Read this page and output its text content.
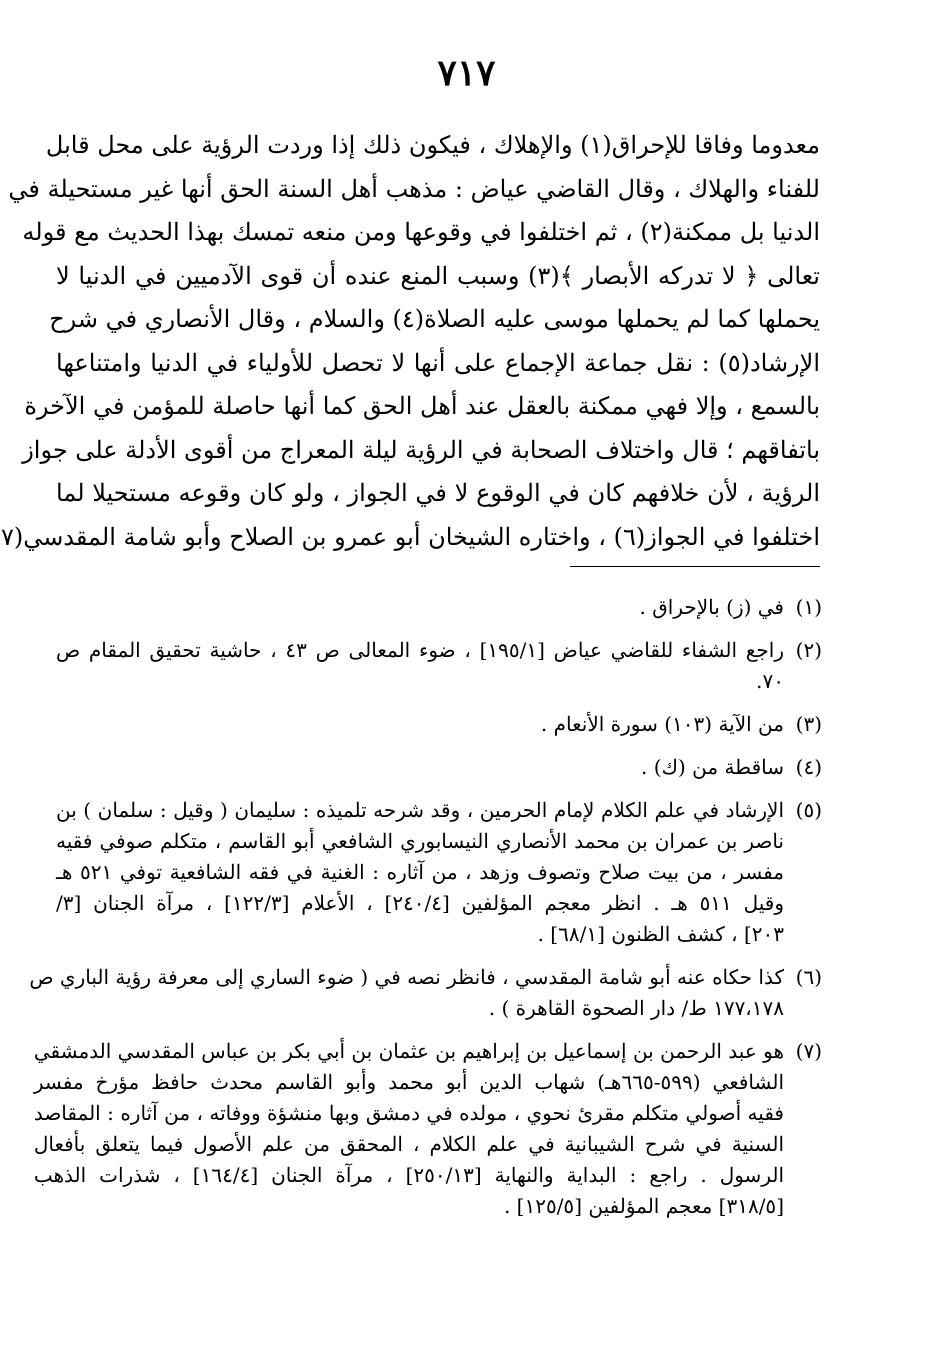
٧١٧
معدوما وفاقا للإحراق(١) والإهلاك ، فيكون ذلك إذا وردت الرؤية على محل قابل
للفناء والهلاك ، وقال القاضي عياض : مذهب أهل السنة الحق أنها غير مستحيلة في
الدنيا بل ممكنة(٢) ، ثم اختلفوا في وقوعها ومن منعه تمسك بهذا الحديث مع قوله
تعالى ﴿ لا تدركه الأبصار ﴾(٣) وسبب المنع عنده أن قوى الآدميين في الدنيا لا
يحملها كما لم يحملها موسى عليه الصلاة(٤) والسلام ، وقال الأنصاري في شرح
الإرشاد(٥) : نقل جماعة الإجماع على أنها لا تحصل للأولياء في الدنيا وامتناعها
بالسمع ، وإلا فهي ممكنة بالعقل عند أهل الحق كما أنها حاصلة للمؤمن في الآخرة
باتفاقهم ؛ قال واختلاف الصحابة في الرؤية ليلة المعراج من أقوى الأدلة على جواز
الرؤية ، لأن خلافهم كان في الوقوع لا في الجواز ، ولو كان وقوعه مستحيلا لما
اختلفوا في الجواز(٦) ، واختاره الشيخان أبو عمرو بن الصلاح وأبو شامة المقدسي(٧
(١)
في (ز) بالإحراق .
(٢)
راجع الشفاء للقاضي عياض [١٩٥/١] ، ضوء المعالى ص ٤٣ ، حاشية تحقيق المقام ص
٧٠.
(٣)
من الآية (١٠٣) سورة الأنعام .
(٤)
ساقطة من (ك) .
(٥)
الإرشاد في علم الكلام لإمام الحرمين ، وقد شرحه تلميذه : سليمان ( وقيل : سلمان ) بن
ناصر بن عمران بن محمد الأنصاري النيسابوري الشافعي أبو القاسم ، متكلم صوفي فقيه
مفسر ، من بيت صلاح وتصوف وزهد ، من آثاره : الغنية في فقه الشافعية توفي ٥٢١ هـ
وقيل ٥١١ هـ . انظر معجم المؤلفين [٢٤٠/٤] ، الأعلام [١٢٢/٣] ، مرآة الجنان [٣/
٢٠٣] ، كشف الظنون [٦٨/١] .
(٦)
كذا حكاه عنه أبو شامة المقدسي ، فانظر نصه في ( ضوء الساري إلى معرفة رؤية الباري ص
١٧٧،١٧٨ ط/ دار الصحوة القاهرة ) .
(٧)
هو عبد الرحمن بن إسماعيل بن إبراهيم بن عثمان بن أبي بكر بن عباس المقدسي الدمشقي
الشافعي (٥٩٩-٦٦٥هـ) شهاب الدين أبو محمد وأبو القاسم محدث حافظ مؤرخ مفسر
فقيه أصولي متكلم مقرئ نحوي ، مولده في دمشق وبها منشؤة ووفاته ، من آثاره : المقاصد
السنية في شرح الشيبانية في علم الكلام ، المحقق من علم الأصول فيما يتعلق بأفعال
الرسول . راجع : البداية والنهاية [٢٥٠/١٣] ، مرآة الجنان [١٦٤/٤] ، شذرات الذهب
[٣١٨/٥] معجم المؤلفين [١٢٥/٥] .
